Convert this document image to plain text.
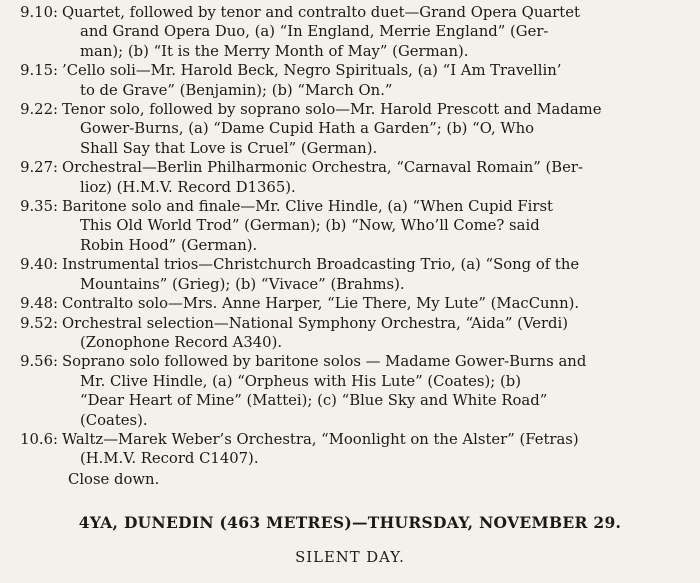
9.10: Quartet, followed by tenor and contralto duet—Grand Opera Quartet
and Grand Opera Duo, (a) “In England, Merrie England” (Ger-
man); (b) “It is the Merry Month of May” (German).
9.15: ’Cello soli—Mr. Harold Beck, Negro Spirituals, (a) “I Am Travellin’
to de Grave” (Benjamin); (b) “March On.”
9.22: Tenor solo, followed by soprano solo—Mr. Harold Prescott and Madame
Gower-Burns, (a) “Dame Cupid Hath a Garden”; (b) “O, Who
Shall Say that Love is Cruel” (German).
9.27: Orchestral—Berlin Philharmonic Orchestra, “Carnaval Romain” (Ber-
lioz) (H.M.V. Record D1365).
9.35: Baritone solo and finale—Mr. Clive Hindle, (a) “When Cupid First
This Old World Trod” (German); (b) “Now, Who’ll Come? said
Robin Hood” (German).
9.40: Instrumental trios—Christchurch Broadcasting Trio, (a) “Song of the
Mountains” (Grieg); (b) “Vivace” (Brahms).
9.48: Contralto solo—Mrs. Anne Harper, “Lie There, My Lute” (MacCunn).
9.52: Orchestral selection—National Symphony Orchestra, “Aida” (Verdi)
(Zonophone Record A340).
9.56: Soprano solo followed by baritone solos — Madame Gower-Burns and
Mr. Clive Hindle, (a) “Orpheus with His Lute” (Coates); (b)
“Dear Heart of Mine” (Mattei); (c) “Blue Sky and White Road”
(Coates).
10.6: Waltz—Marek Weber’s Orchestra, “Moonlight on the Alster” (Fetras)
(H.M.V. Record C1407).
Close down.
4YA, DUNEDIN (463 METRES)—THURSDAY, NOVEMBER 29.
SILENT DAY.
